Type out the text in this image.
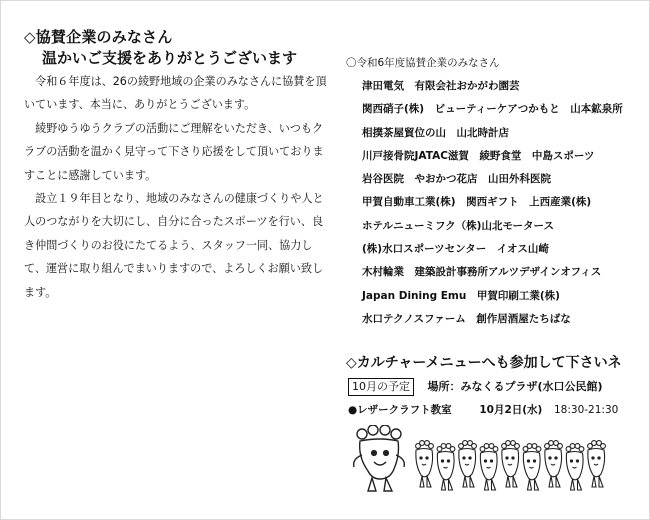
◇協賛企業のみなさん
温かいご支援をありがとうございます

令和６年度は、26の綾野地域の企業のみなさんに協賛を頂いています、本当に、ありがとうございます。

綾野ゆうゆうクラブの活動にご理解をいただき、いつもクラブの活動を温かく見守って下さり応援をして頂いておりますことに感謝しています。

設立１９年目となり、地域のみなさんの健康づくりや人と人のつながりを大切にし、自分に合ったスポーツを行い、良き仲間づくりのお役にたてるよう、スタッフ一同、協力して、運営に取り組んでまいりますので、よろしくお願い致します。

〇令和6年度協賛企業のみなさん
津田電気　有限会社おかがわ園芸
関西硝子(株)　ビューティーケアつかもと　山本鉱泉所
相撲茶屋貿位の山　山北時計店
川戸接骨院JATAC滋賀　綾野食堂　中島スポーツ
岩谷医院　やおかつ花店　山田外科医院
甲賀自動車工業(株)　関西ギフト　上西産業(株)
ホテルニューミフク（株)山北モータース
(株)水口スポーツセンター　イオス山崎
木村輪業　建築設計事務所アルツデザインオフィス
Japan Dining Emu　甲賀印刷工業(株)
水口テクノスファーム　創作居酒屋たちばな
◇カルチャーメニューへも参加して下さいネ
10月の予定 場所：みなくるプラザ(水口公民館)
●レザークラフト教室	10月2日(水) 18:30-21:30
